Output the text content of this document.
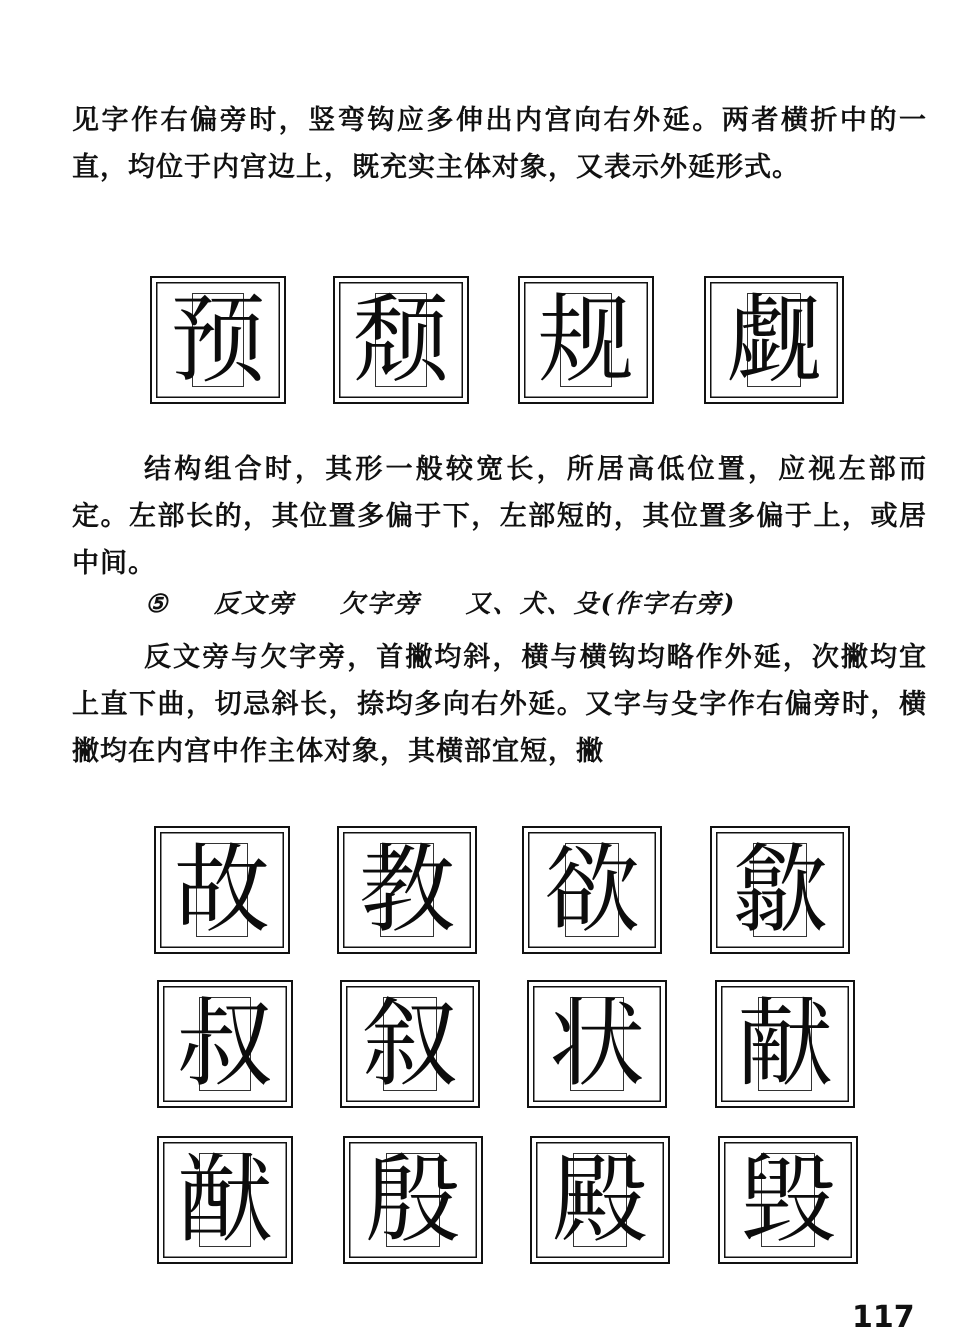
见字作右偏旁时，竖弯钩应多伸出内宫向右外延。两者横折中的一直，均位于内宫边上，既充实主体对象，又表示外延形式。

预 颓 规 觑

结构组合时，其形一般较宽长，所居高低位置，应视左部而定。左部长的，其位置多偏于下，左部短的，其位置多偏于上，或居中间。

⑤ 反文旁 欠字旁 又、犬、殳(作字右旁)

反文旁与欠字旁，首撇均斜，横与横钩均略作外延，次撇均宜上直下曲，切忌斜长，捺均多向右外延。又字与殳字作右偏旁时，横撇均在内宫中作主体对象，其横部宜短，撇

故 教 欲 歙
叔 叙 状 献
猷 殷 殿 毁
117
